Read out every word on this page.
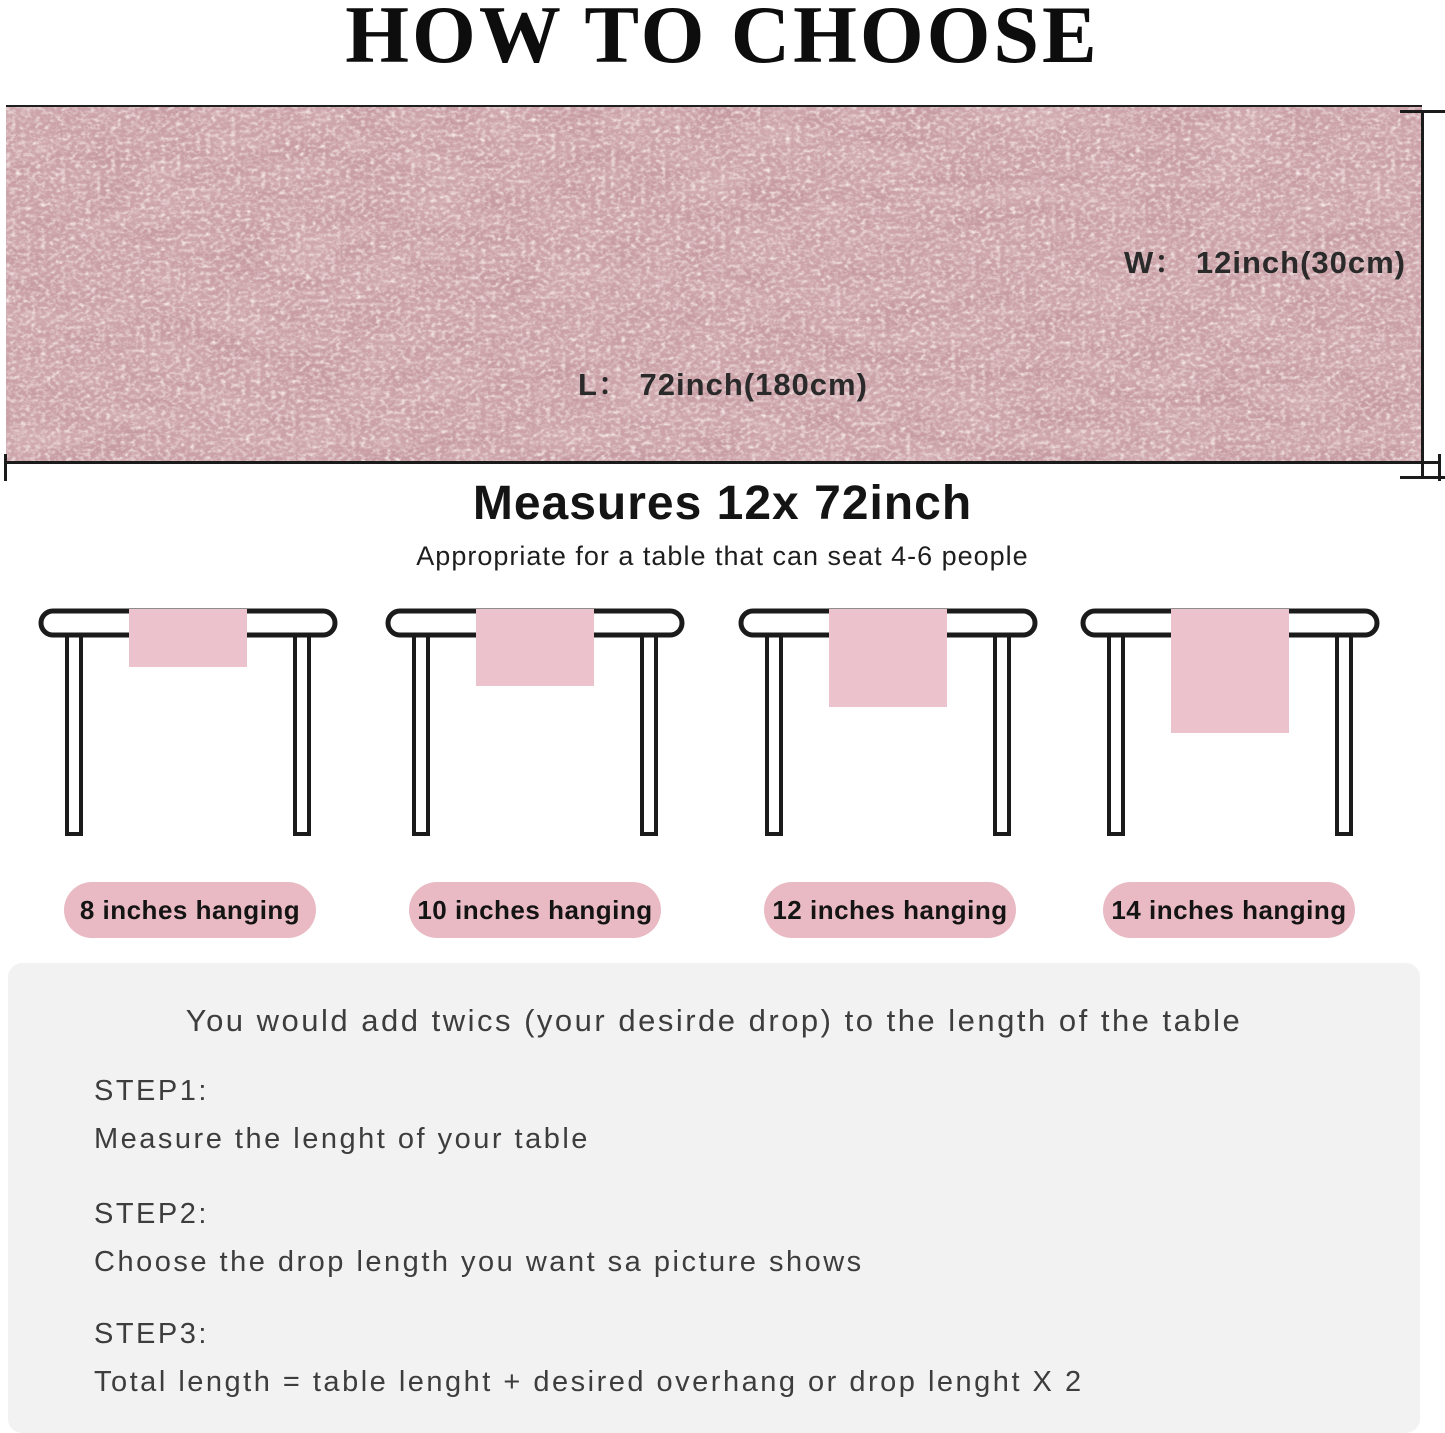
HOW TO CHOOSE
W： 12inch(30cm)
L： 72inch(180cm)
Measures 12x 72inch
Appropriate for a table that can seat 4-6 people
8 inches hanging	10 inches hanging	12 inches hanging	14 inches hanging
You would add twics (your desirde drop) to the length of the table
STEP1:
Measure the lenght of your table
STEP2:
Choose the drop length you want sa picture shows
STEP3:
Total length = table lenght + desired overhang or drop lenght X 2
